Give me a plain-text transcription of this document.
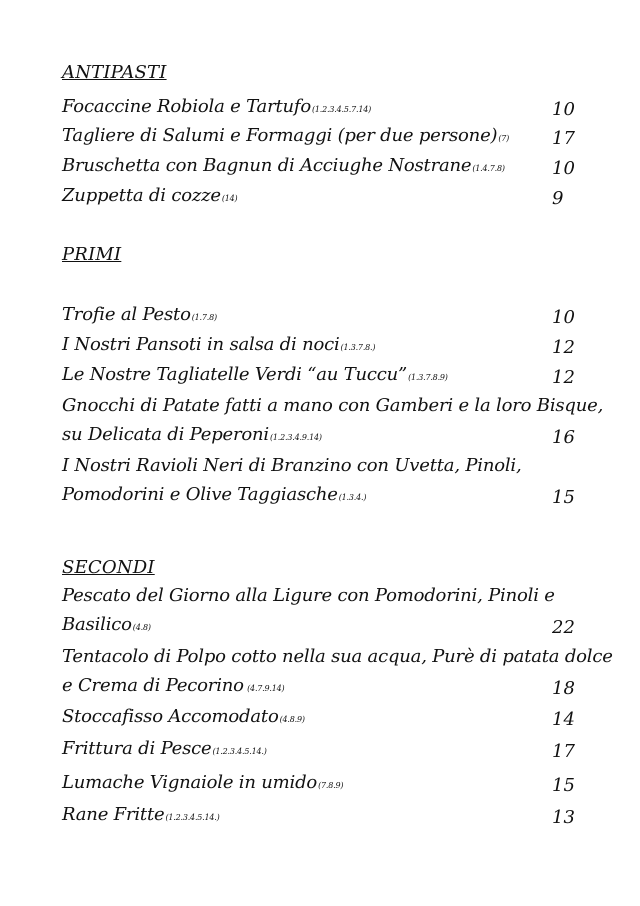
ANTIPASTI
Focaccine Robiola e Tartufo(1.2.3.4.5.7.14)	10
Tagliere di Salumi e Formaggi (per due persone)(7)	17
Bruschetta con Bagnun di Acciughe Nostrane(1.4.7.8)	10
Zuppetta di cozze(14)	9
PRIMI
Trofie al Pesto(1.7.8)	10
I Nostri Pansoti in salsa di noci(1.3.7.8.)	12
Le Nostre Tagliatelle Verdi “au Tuccu”(1.3.7.8.9)	12
Gnocchi di Patate fatti a mano con Gamberi e la loro Bisque,
su Delicata di Peperoni(1.2.3.4.9.14)	16
I Nostri Ravioli Neri di Branzino con Uvetta, Pinoli,
Pomodorini e Olive Taggiasche(1.3.4.)	15
SECONDI
Pescato del Giorno alla Ligure con Pomodorini, Pinoli e
Basilico(4.8)	22
Tentacolo di Polpo cotto nella sua acqua, Purè di patata dolce
e Crema di Pecorino (4.7.9.14)	18
Stoccafisso Accomodato(4.8.9)	14
Frittura di Pesce(1.2.3.4.5.14.)	17
Lumache Vignaiole in umido(7.8.9)	15
Rane Fritte(1.2.3.4.5.14.)	13
